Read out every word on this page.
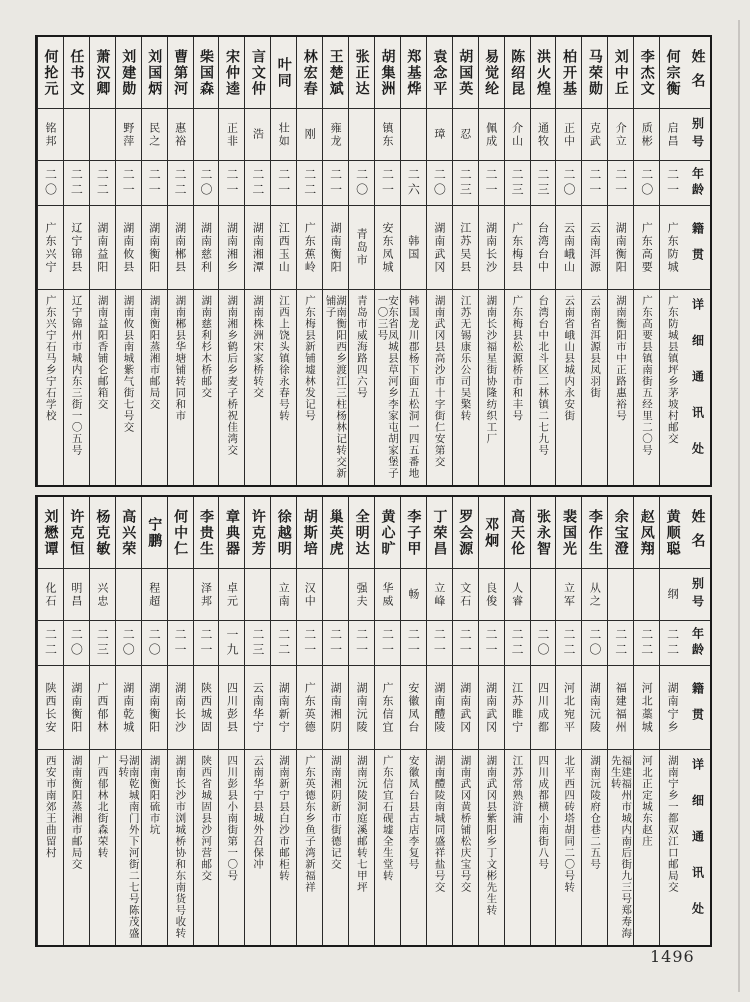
姓名
别号
年龄
籍贯
详细通讯处
何宗衡
启昌
二一
广东防城
广东防城县镇坪乡茅坡村邮交
李杰文
质彬
二〇
广东高要
广东高要县镇南街五经里二〇号
刘中丘
介立
二一
湖南衡阳
湖南衡阳市中正路惠裕号
马荣勋
克武
二一
云南洱源
云南省洱源县凤羽街
柏开基
正中
二〇
云南峨山
云南省峨山县城内永安街
洪火煌
通牧
二三
台湾台中
台湾台中北斗区二林镇二七九号
陈绍昆
介山
二三
广东梅县
广东梅县松源桥市和丰号
易觉纶
佩成
二一
湖南长沙
湖南长沙福星街协隆纺织工厂
胡国英
忍
二三
江苏吴县
江苏无锡康乐公司吴檠转
袁念平
璋
二〇
湖南武冈
湖南武冈县高沙市十字街仁安第交
郑基烨
二六
韩国
韩国龙川郡杨下面五松洞一四五番地
胡集洲
镇东
二一
安东凤城
安东省凤城县草河乡李家屯胡家堡子一〇三号
张正达
二〇
青岛市
青岛市威海路四六号
王楚斌
雍龙
二一
湖南衡阳
湖南衡阳西乡渡江三柱杨林记转交新铺子
林宏春
刚
二二
广东蕉岭
广东梅县新铺墟林发记号
叶同
壮如
二一
江西玉山
江西上饶头镇徐永春号转
言文仲
浩
二二
湖南湘潭
湖南株洲宋家桥转交
宋仲逵
正非
二一
湖南湘乡
湖南湘乡鹤后乡麦子桥祝佳湾交
柴国森
二〇
湖南慈利
湖南慈利杉木桥邮交
曹第河
惠裕
二二
湖南郴县
湖南郴县华塘铺转同和市
刘国炳
民之
二一
湖南衡阳
湖南衡阳蒸湘市邮局交
刘建勋
野萍
二一
湖南攸县
湖南攸县南城紫气街七号交
萧汉卿
二二
湖南益阳
湖南益阳香铺仑邮箱交
任书文
二二
辽宁锦县
辽宁锦州市城内东三街一〇五号
何抡元
铭邦
二〇
广东兴宁
广东兴宁石马乡宁石学校
姓名
别号
年龄
籍贯
详细通讯处
黄顺聪
纲
二二
湖南宁乡
湖南宁乡一都双江口邮局交
赵凤翔
二二
河北藁城
河北正定城东赵庄
余宝澄
二二
福建福州
福建福州市城内南后街九三号郑寿海先生转
李作生
从之
二〇
湖南沅陵
湖南沅陵府仓巷二五号
裴国光
立军
二二
河北宛平
北平西四砖塔胡同二〇号转
张永智
二〇
四川成都
四川成都横小南街八号
高天伦
人睿
二二
江苏睢宁
江苏常熟浒浦
邓炯
良俊
二一
湖南武冈
湖南武冈县紫阳乡丁文彬先生转
罗会源
文石
二一
湖南武冈
湖南武冈黄桥铺松庆宝号交
丁荣昌
立峰
二一
湖南醴陵
湖南醴陵南城同盛祥盐号交
李子甲
畅
二一
安徽凤台
安徽凤台县古店李复号
黄心旷
华威
二一
广东信宜
广东信宜石砚墟全生堂转
全明达
强夫
二一
湖南沅陵
湖南沅陵洞庭溪邮转七甲坪
巢英虎
二一
湖南湘阴
湖南湘阴新市街德记交
胡斯培
汉中
二一
广东英德
广东英德东乡鱼子湾新福祥
徐越明
立南
二二
湖南新宁
湖南新宁县白沙市邮柜转
许克芳
二三
云南华宁
云南华宁县城外召保冲
章典器
卓元
一九
四川彭县
四川彭县小南街第一〇号
李贵生
泽邦
二一
陕西城固
陕西省城固县沙河营邮交
何中仁
二一
湖南长沙
湖南长沙市浏城桥协和东南货号收转
宁鹏
程超
二〇
湖南衡阳
湖南衡阳硫市坑
高兴荣
二〇
湖南乾城
湖南乾城南门外下河街二七号陈茂盛号转
杨克敏
兴忠
二三
广西郁林
广西郁林北街森荣转
许克恒
明昌
二〇
湖南衡阳
湖南衡阳蒸湘市邮局交
刘懋谭
化石
二二
陕西长安
西安市南郊王曲留村
1496
